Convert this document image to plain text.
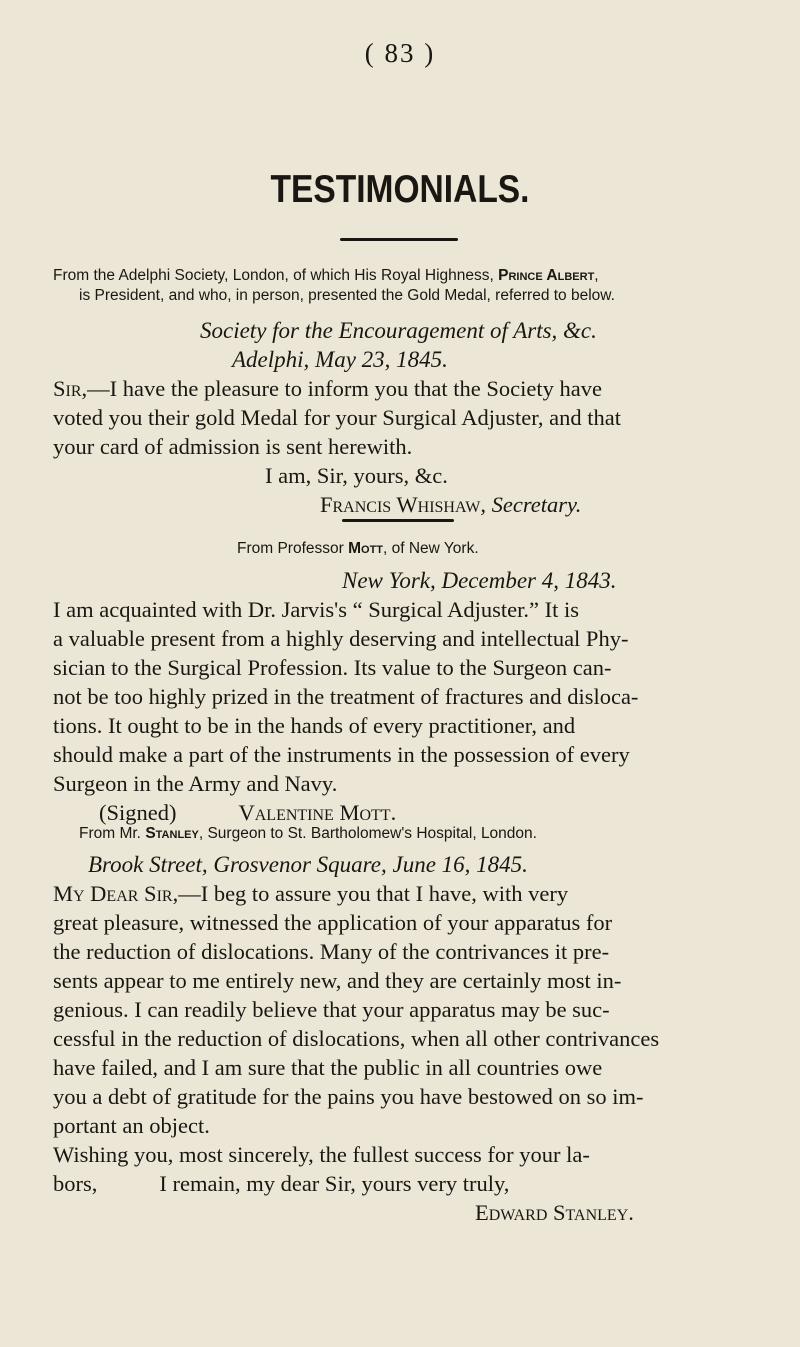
( 83 )
TESTIMONIALS.
From the Adelphi Society, London, of which His Royal Highness, Prince Albert,
is President, and who, in person, presented the Gold Medal, referred to below.
Society for the Encouragement of Arts, &c.
Adelphi, May 23, 1845.
Sir,—I have the pleasure to inform you that the Society have
voted you their gold Medal for your Surgical Adjuster, and that
your card of admission is sent herewith.
I am, Sir, yours, &c.
Francis Whishaw, Secretary.
From Professor Mott, of New York.
New York, December 4, 1843.
I am acquainted with Dr. Jarvis's “ Surgical Adjuster.” It is
a valuable present from a highly deserving and intellectual Phy-
sician to the Surgical Profession. Its value to the Surgeon can-
not be too highly prized in the treatment of fractures and disloca-
tions. It ought to be in the hands of every practitioner, and
should make a part of the instruments in the possession of every
Surgeon in the Army and Navy.
(Signed)	Valentine Mott.
From Mr. Stanley, Surgeon to St. Bartholomew's Hospital, London.
Brook Street, Grosvenor Square, June 16, 1845.
My Dear Sir,—I beg to assure you that I have, with very
great pleasure, witnessed the application of your apparatus for
the reduction of dislocations. Many of the contrivances it pre-
sents appear to me entirely new, and they are certainly most in-
genious. I can readily believe that your apparatus may be suc-
cessful in the reduction of dislocations, when all other contrivances
have failed, and I am sure that the public in all countries owe
you a debt of gratitude for the pains you have bestowed on so im-
portant an object.
Wishing you, most sincerely, the fullest success for your la-
bors,	I remain, my dear Sir, yours very truly,
Edward Stanley.
